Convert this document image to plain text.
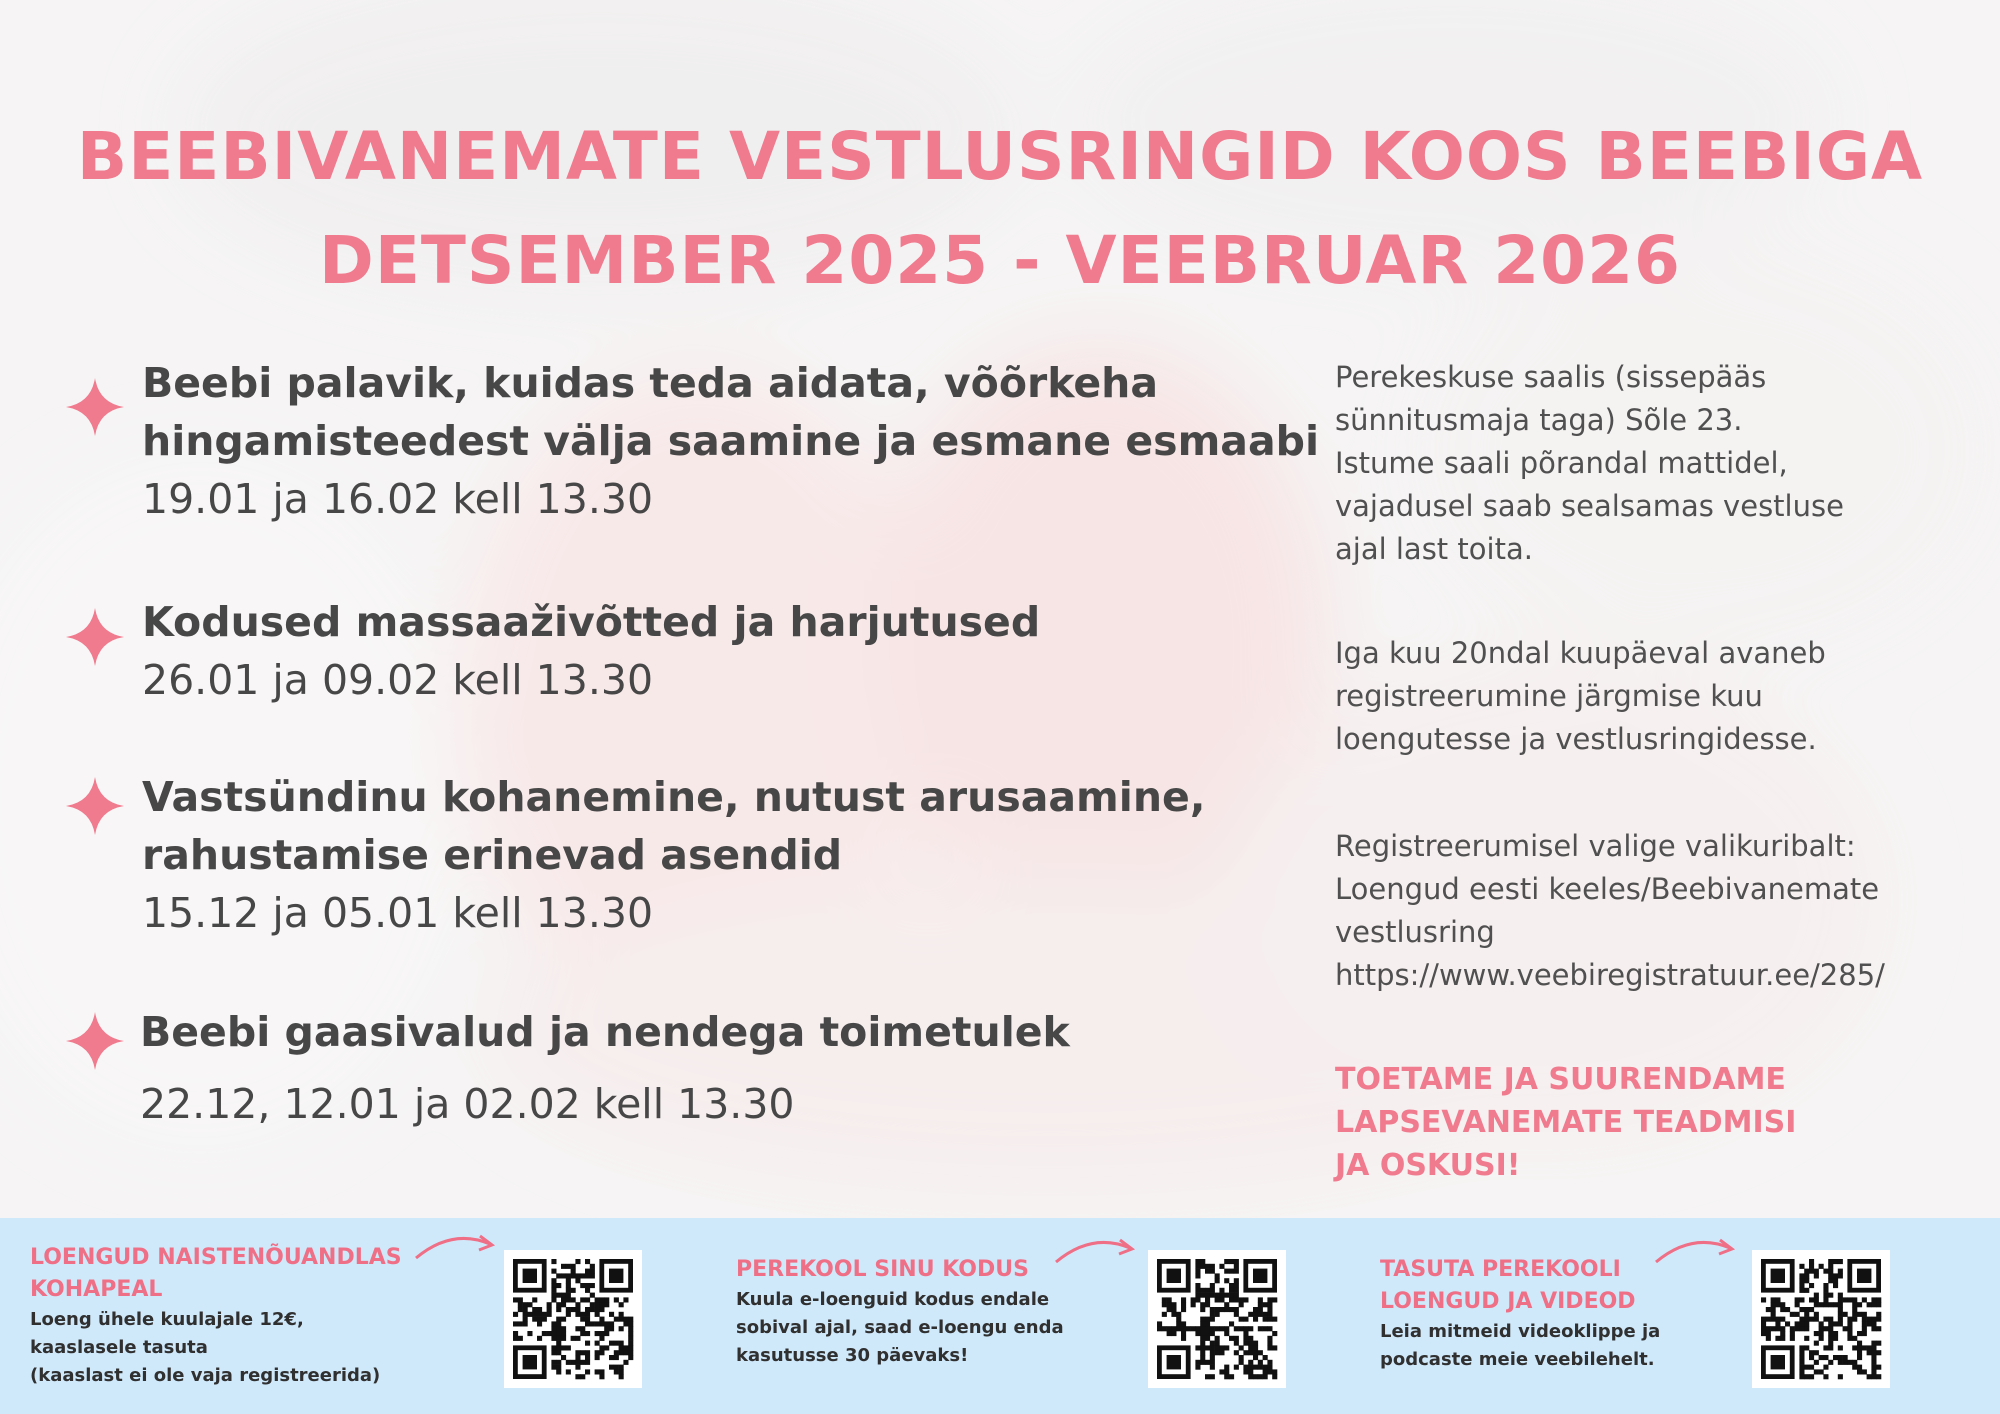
BEEBIVANEMATE VESTLUSRINGID KOOS BEEBIGA
DETSEMBER 2025 - VEEBRUAR 2026
Beebi palavik, kuidas teda aidata, võõrkeha
hingamisteedest välja saamine ja esmane esmaabi
19.01 ja 16.02 kell 13.30
Kodused massaaživõtted ja harjutused
26.01 ja 09.02 kell 13.30
Vastsündinu kohanemine, nutust arusaamine,
rahustamise erinevad asendid
15.12 ja 05.01 kell 13.30
Beebi gaasivalud ja nendega toimetulek
22.12, 12.01 ja 02.02 kell 13.30
Perekeskuse saalis (sissepääs
sünnitusmaja taga) Sõle 23.
Istume saali põrandal mattidel,
vajadusel saab sealsamas vestluse
ajal last toita.
Iga kuu 20ndal kuupäeval avaneb
registreerumine järgmise kuu
loengutesse ja vestlusringidesse.
Registreerumisel valige valikuribalt:
Loengud eesti keeles/Beebivanemate
vestlusring
https://www.veebiregistratuur.ee/285/
TOETAME JA SUURENDAME
LAPSEVANEMATE TEADMISI
JA OSKUSI!
LOENGUD NAISTENÕUANDLAS
KOHAPEAL
Loeng ühele kuulajale 12€,
kaaslasele tasuta
(kaaslast ei ole vaja registreerida)
PEREKOOL SINU KODUS
Kuula e-loenguid kodus endale
sobival ajal, saad e-loengu enda
kasutusse 30 päevaks!
TASUTA PEREKOOLI
LOENGUD JA VIDEOD
Leia mitmeid videoklippe ja
podcaste meie veebilehelt.
